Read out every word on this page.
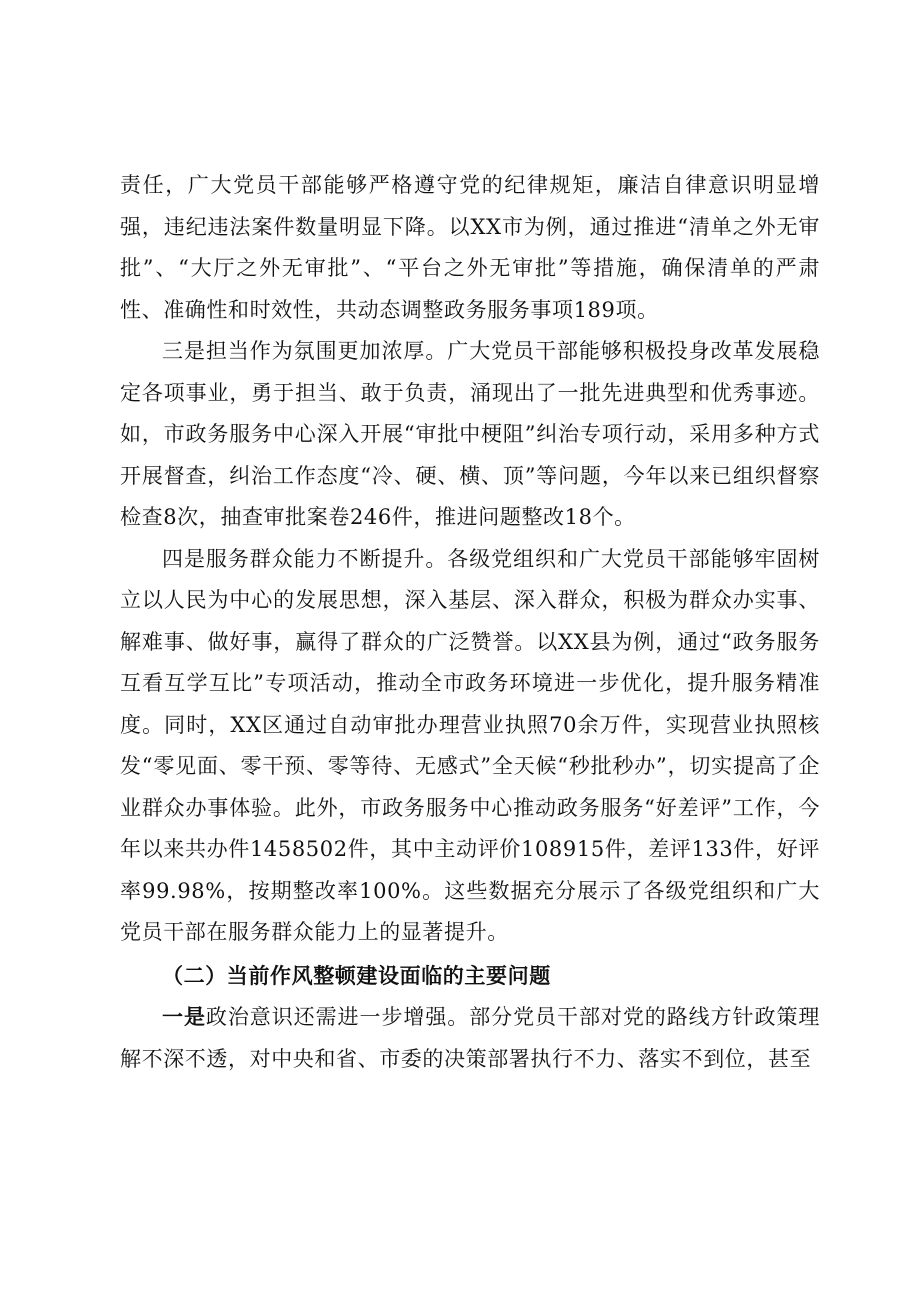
责任，广大党员干部能够严格遵守党的纪律规矩，廉洁自律意识明显增强，违纪违法案件数量明显下降。以XX市为例，通过推进“清单之外无审批”、“大厅之外无审批”、“平台之外无审批”等措施，确保清单的严肃性、准确性和时效性，共动态调整政务服务事项189项。

三是担当作为氛围更加浓厚。广大党员干部能够积极投身改革发展稳定各项事业，勇于担当、敢于负责，涌现出了一批先进典型和优秀事迹。如，市政务服务中心深入开展“审批中梗阻”纠治专项行动，采用多种方式开展督查，纠治工作态度“冷、硬、横、顶”等问题，今年以来已组织督察检查8次，抽查审批案卷246件，推进问题整改18个。

四是服务群众能力不断提升。各级党组织和广大党员干部能够牢固树立以人民为中心的发展思想，深入基层、深入群众，积极为群众办实事、解难事、做好事，赢得了群众的广泛赞誉。以XX县为例，通过“政务服务互看互学互比”专项活动，推动全市政务环境进一步优化，提升服务精准度。同时，XX区通过自动审批办理营业执照70余万件，实现营业执照核发“零见面、零干预、零等待、无感式”全天候“秒批秒办”，切实提高了企业群众办事体验。此外，市政务服务中心推动政务服务“好差评”工作，今年以来共办件1458502件，其中主动评价108915件，差评133件，好评率99.98%，按期整改率100%。这些数据充分展示了各级党组织和广大党员干部在服务群众能力上的显著提升。

（二）当前作风整顿建设面临的主要问题

一是政治意识还需进一步增强。部分党员干部对党的路线方针政策理解不深不透，对中央和省、市委的决策部署执行不力、落实不到位，甚至
